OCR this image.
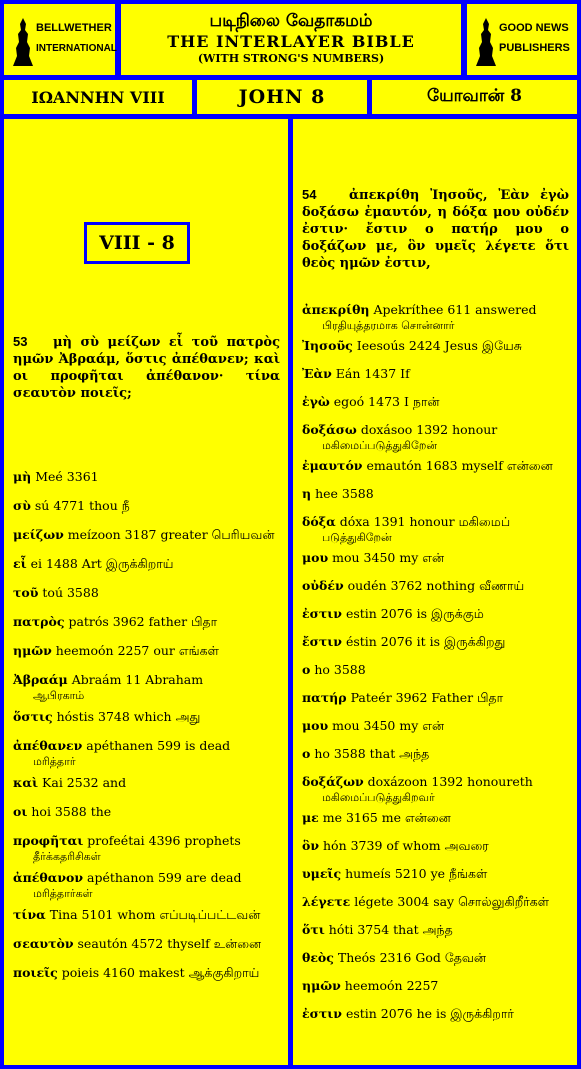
BELLWETHER
INTERNATIONAL
படிநிலை வேதாகமம்
THE INTERLAYER BIBLE
(WITH STRONG'S NUMBERS)
GOOD NEWS
PUBLISHERS
ΙΩΑΝΝΗΝ VIII	JOHN 8	யோவான் 8
VIII - 8
53 μὴ σὺ μείζων εἶ τοῦ πατρὸς ημῶν Ἀβραάμ, ὅστις ἀπέθανεν; καὶ οι προφῆται ἀπέθανον· τίνα σεαυτὸν ποιεῖς;
μὴ Meé 3361
σὺ sú 4771 thou நீ
μείζων meízoon 3187 greater பெரியவன்
εἶ ei 1488 Art இருக்கிறாய்
τοῦ toú 3588
πατρὸς patrós 3962 father பிதா
ημῶν heemoón 2257 our எங்கள்
Ἀβραάμ Abraám 11 Abraham
ஆபிரகாம்
ὅστις hóstis 3748 which அது
ἀπέθανεν apéthanen 599 is dead
மரித்தார்
καὶ Kai 2532 and
οι hoi 3588 the
προφῆται profeétai 4396 prophets
தீர்க்கதரிசிகள்
ἀπέθανον apéthanon 599 are dead
மரித்தார்கள்
τίνα Tina 5101 whom எப்படிப்பட்டவன்
σεαυτὸν seautón 4572 thyself உன்னை
ποιεῖς poieis 4160 makest ஆக்குகிறாய்
54	ἀπεκρίθη Ἰησοῦς, Ἐὰν ἐγὼ δοξάσω ἐμαυτόν, η δόξα μου οὐδέν ἐστιν· ἔστιν ο πατήρ μου ο δοξάζων με, ὃν υμεῖς λέγετε ὅτι θεὸς ημῶν ἐστιν,
ἀπεκρίθη Apekríthee 611 answered
பிரதியுத்தரமாக சொன்னார்
Ἰησοῦς Ieesoús 2424 Jesus இயேசு
Ἐὰν Eán 1437 If
ἐγὼ egoó 1473 I நான்
δοξάσω doxásoo 1392 honour
மகிமைப்படுத்துகிறேன்
ἐμαυτόν emautón 1683 myself என்னை
η hee 3588
δόξα dóxa 1391 honour மகிமைப்
படுத்துகிறேன்
μου mou 3450 my என்
οὐδέν oudén 3762 nothing வீணாய்
ἐστιν estin 2076 is இருக்கும்
ἔστιν éstin 2076 it is இருக்கிறது
ο ho 3588
πατήρ Pateér 3962 Father பிதா
μου mou 3450 my என்
ο ho 3588 that அந்த
δοξάζων doxázoon 1392 honoureth
மகிமைப்படுத்துகிறவர்
με me 3165 me என்னை
ὃν hón 3739 of whom அவரை
υμεῖς humeís 5210 ye நீங்கள்
λέγετε légete 3004 say சொல்லுகிறீர்கள்
ὅτι hóti 3754 that அந்த
θεὸς Theós 2316 God தேவன்
ημῶν heemoón 2257
ἐστιν estin 2076 he is இருக்கிறார்
